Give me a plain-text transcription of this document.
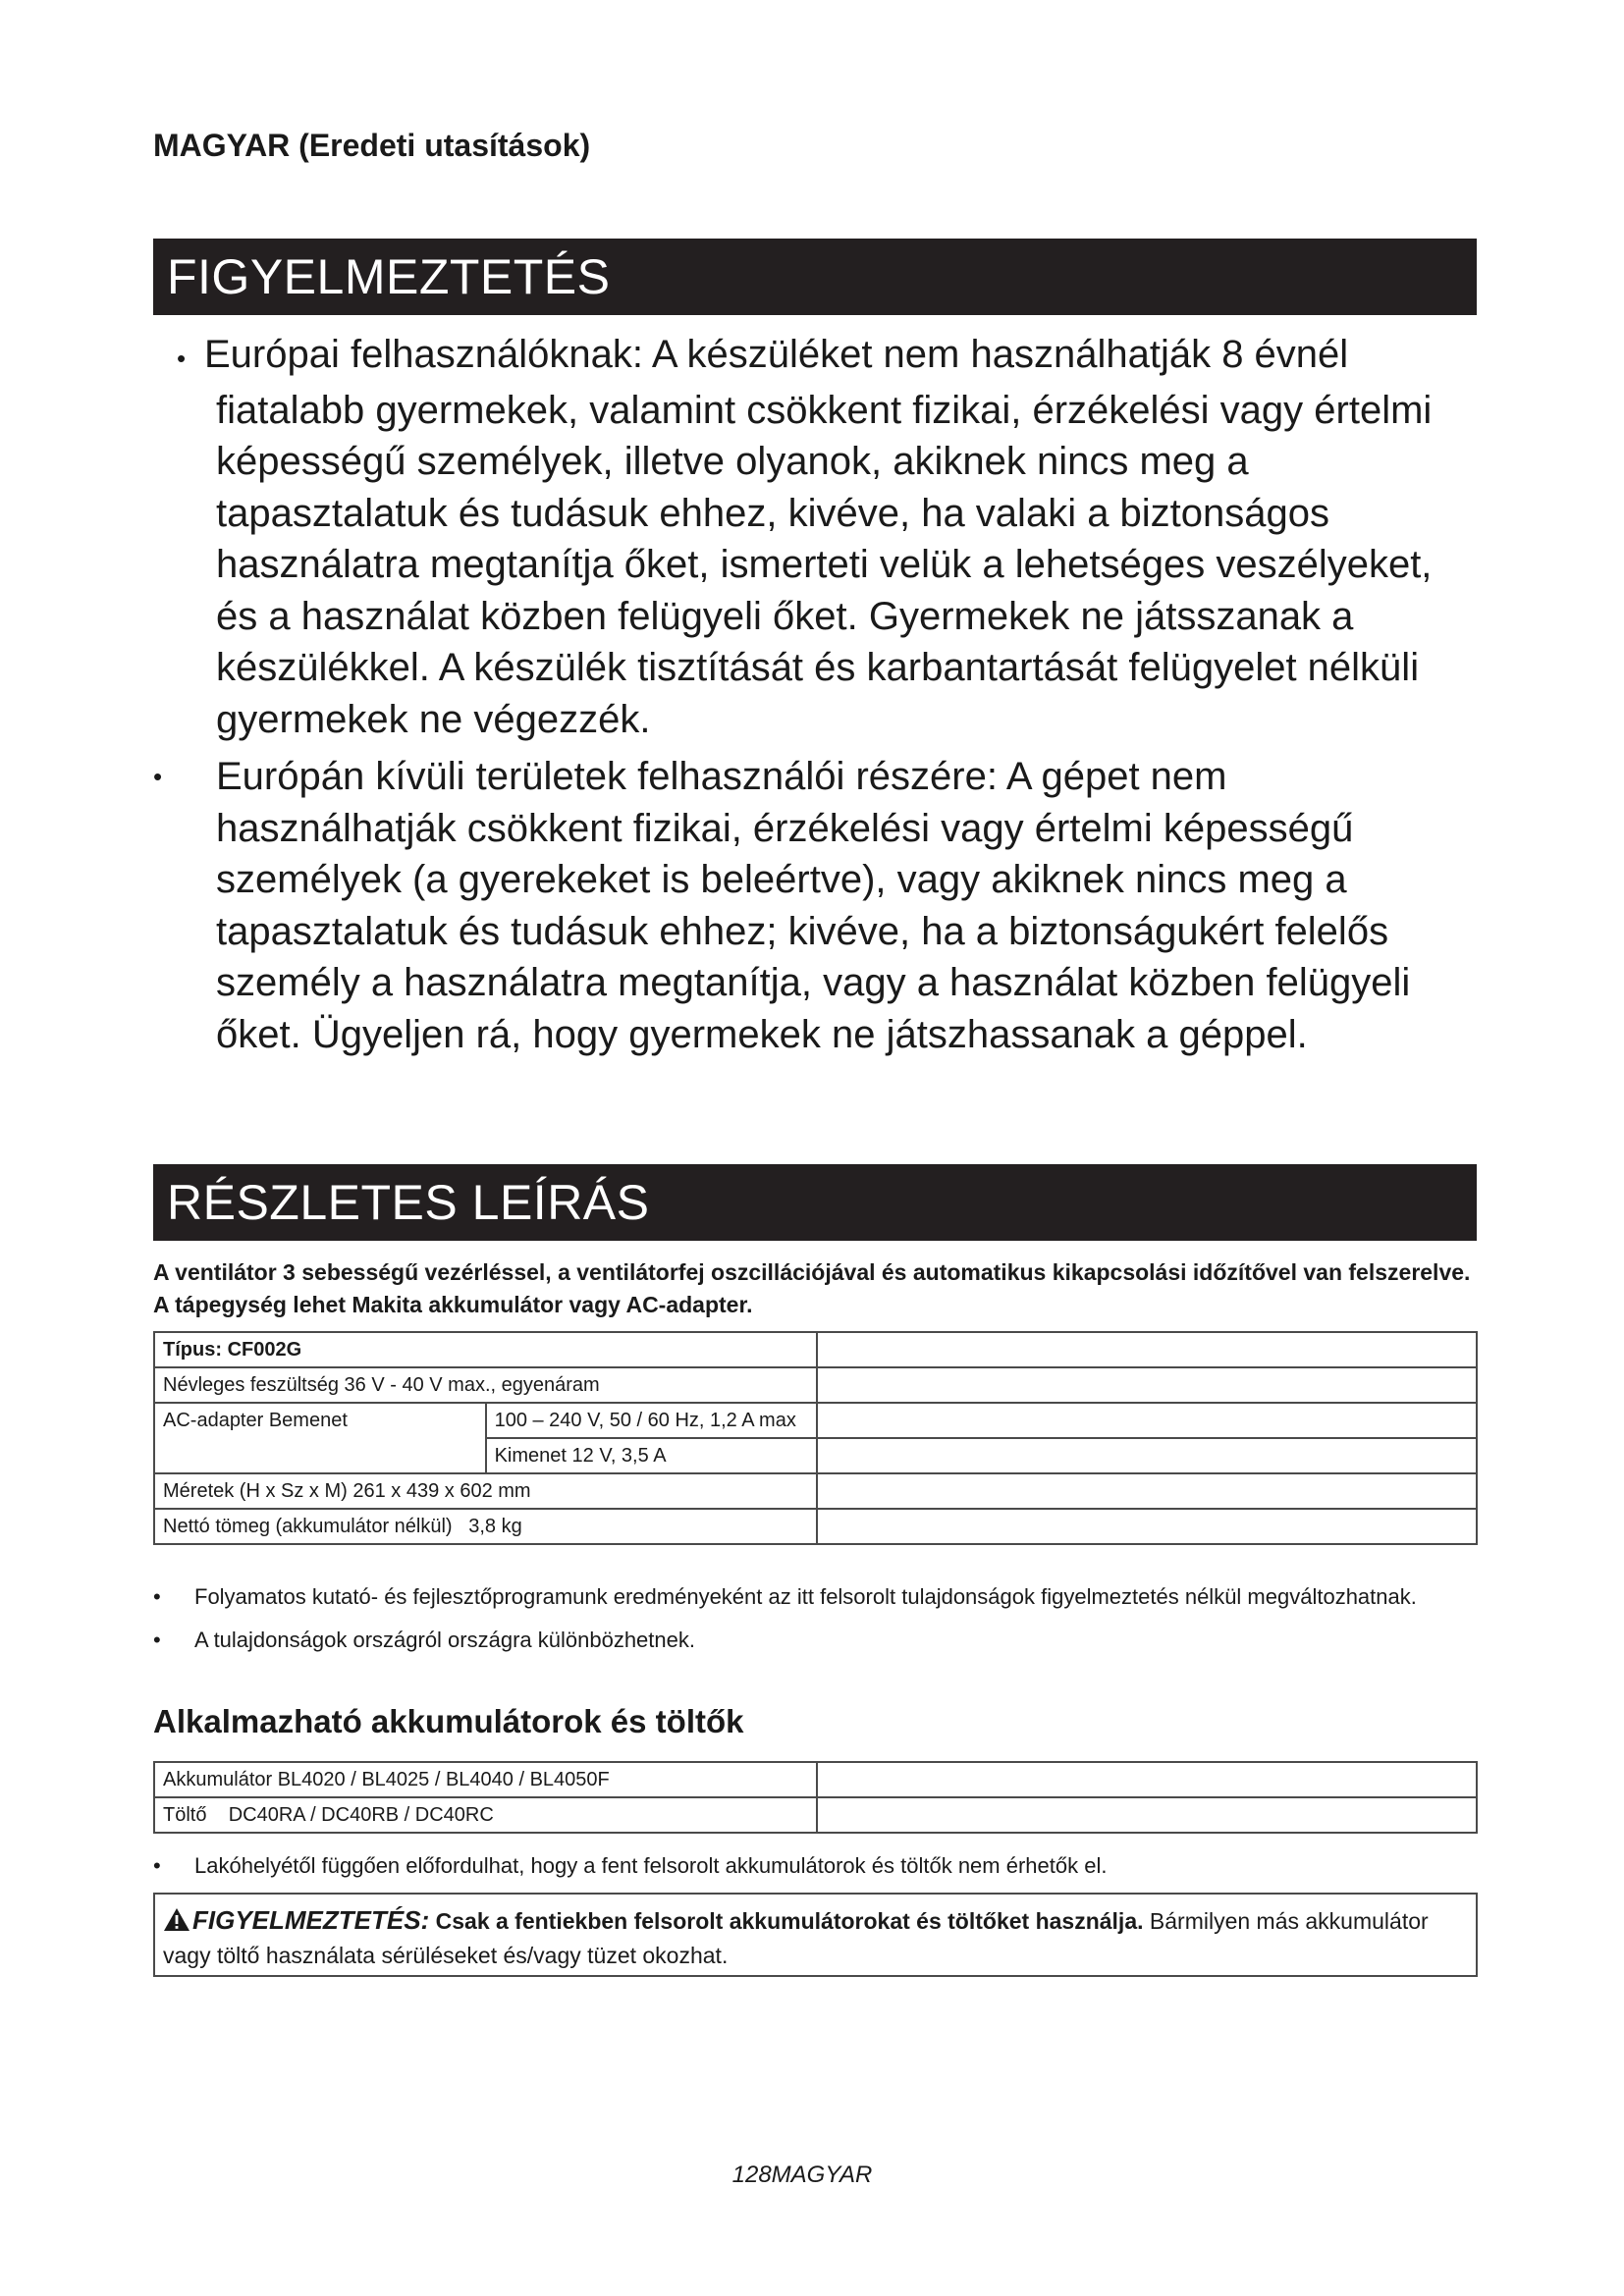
MAGYAR (Eredeti utasítások)
FIGYELMEZTETÉS
• Európai felhasználóknak: A készüléket nem használhatják 8 évnél fiatalabb gyermekek, valamint csökkent fizikai, érzékelési vagy értelmi képességű személyek, illetve olyanok, akiknek nincs meg a tapasztalatuk és tudásuk ehhez, kivéve, ha valaki a biztonságos használatra megtanítja őket, ismerteti velük a lehetséges veszélyeket, és a használat közben felügyeli őket. Gyermekek ne játsszanak a készülékkel. A készülék tisztítását és karbantartását felügyelet nélküli gyermekek ne végezzék.
• Európán kívüli területek felhasználói részére: A gépet nem használhatják csökkent fizikai, érzékelési vagy értelmi képességű személyek (a gyerekeket is beleértve), vagy akiknek nincs meg a tapasztalatuk és tudásuk ehhez; kivéve, ha a biztonságukért felelős személy a használatra megtanítja, vagy a használat közben felügyeli őket. Ügyeljen rá, hogy gyermekek ne játszhassanak a géppel.
RÉSZLETES LEÍRÁS
A ventilátor 3 sebességű vezérléssel, a ventilátorfej oszcillációjával és automatikus kikapcsolási időzítővel van felszerelve. A tápegység lehet Makita akkumulátor vagy AC-adapter.
Típus: CF002G		
Névleges feszültség 36 V - 40 V max., egyenáram		
AC-adapter Bemenet	100 – 240 V, 50 / 60 Hz, 1,2 A max	
	Kimenet 12 V, 3,5 A	
Méretek (H x Sz x M) 261 x 439 x 602 mm		
Nettó tömeg (akkumulátor nélkül) 3,8 kg		
• Folyamatos kutató- és fejlesztőprogramunk eredményeként az itt felsorolt tulajdonságok figyelmeztetés nélkül megváltozhatnak.
• A tulajdonságok országról országra különbözhetnek.
Alkalmazható akkumulátorok és töltők
Akkumulátor BL4020 / BL4025 / BL4040 / BL4050F	
Töltő DC40RA / DC40RB / DC40RC	
• Lakóhelyétől függően előfordulhat, hogy a fent felsorolt akkumulátorok és töltők nem érhetők el.
FIGYELMEZTETÉS: Csak a fentiekben felsorolt akkumulátorokat és töltőket használja. Bármilyen más akkumulátor vagy töltő használata sérüléseket és/vagy tüzet okozhat.
128MAGYAR
